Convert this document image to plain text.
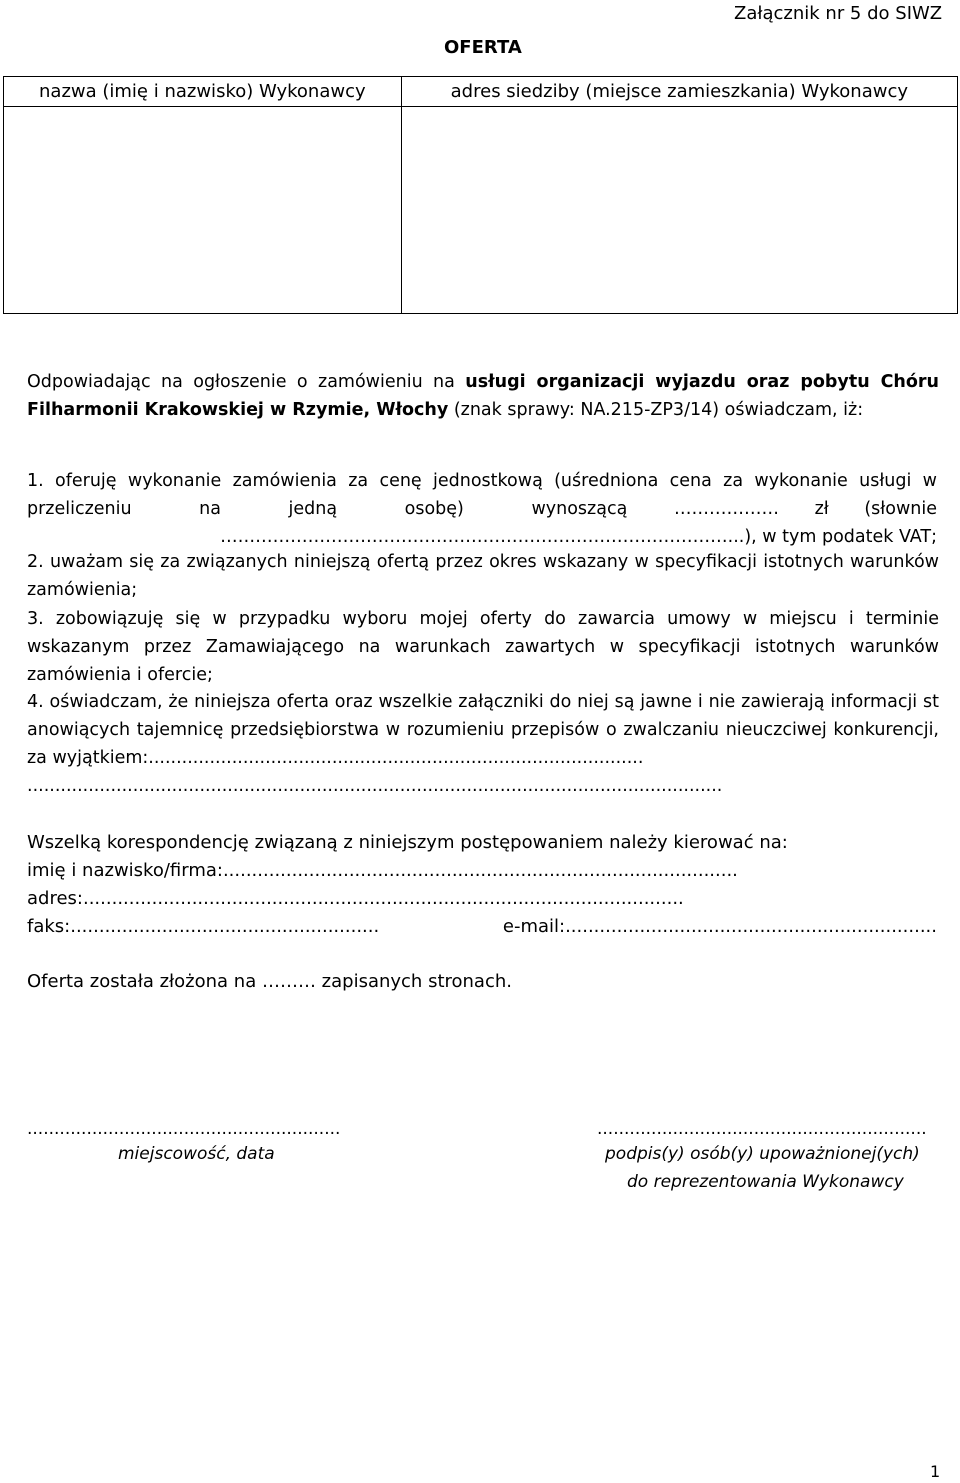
Załącznik nr 5 do SIWZ
OFERTA
nazwa (imię i nazwisko) Wykonawcy	adres siedziby (miejsce zamieszkania) Wykonawcy

Odpowiadając na ogłoszenie o zamówieniu na usługi organizacji wyjazdu oraz pobytu Chóru Filharmonii Krakowskiej w Rzymie, Włochy (znak sprawy: NA.215-ZP3/14) oświadczam, iż:

1. oferuję wykonanie zamówienia za cenę jednostkową (uśredniona cena za wykonanie usługi w
przeliczeniu na jedną osobę) wynoszącą	……………… zł (słownie
……………………………………………………………………………...), w tym podatek VAT;
2. uważam się za związanych niniejszą ofertą przez okres wskazany w specyfikacji istotnych warunków zamówienia;
3. zobowiązuję się w przypadku wyboru mojej oferty do zawarcia umowy w miejscu i terminie wskazanym przez Zamawiającego na warunkach zawartych w specyfikacji istotnych warunków zamówienia i ofercie;
4. oświadczam, że niniejsza oferta oraz wszelkie załączniki do niej są jawne i nie zawierają informacji stanowiących tajemnicę przedsiębiorstwa w rozumieniu przepisów o zwalczaniu nieuczciwej konkurencji, za wyjątkiem:.........................................................................................
.............................................................................................................................
Wszelką korespondencję związaną z niniejszym postępowaniem należy kierować na:
imię i nazwisko/firma:..........................................................................................
adres:.........................................................................................................
faks:......................................................	e-mail:.................................................................
Oferta została złożona na ……… zapisanych stronach.
..........................................................	.............................................................
miejscowość, data	podpis(y) osób(y) upoważnionej(ych)
do reprezentowania Wykonawcy
1
